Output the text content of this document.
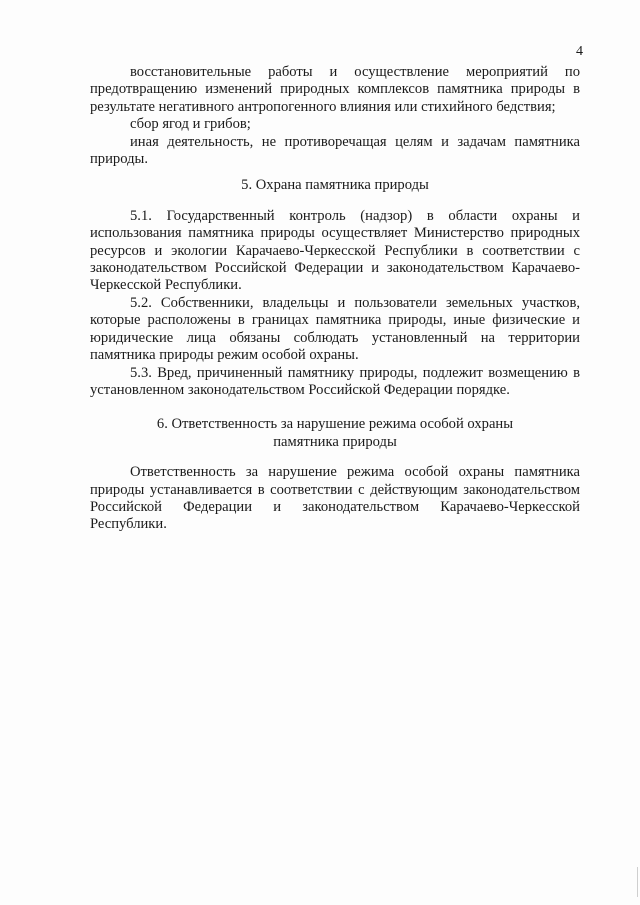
4

восстановительные работы и осуществление мероприятий по предотвращению изменений природных комплексов памятника природы в результате негативного антропогенного влияния или стихийного бедствия;

сбор ягод и грибов;

иная деятельность, не противоречащая целям и задачам памятника природы.

5. Охрана памятника природы

5.1. Государственный контроль (надзор) в области охраны и использования памятника природы осуществляет Министерство природных ресурсов и экологии Карачаево-Черкесской Республики в соответствии с законодательством Российской Федерации и законодательством Карачаево-Черкесской Республики.

5.2. Собственники, владельцы и пользователи земельных участков, которые расположены в границах памятника природы, иные физические и юридические лица обязаны соблюдать установленный на территории памятника природы режим особой охраны.

5.3. Вред, причиненный памятнику природы, подлежит возмещению в установленном законодательством Российской Федерации порядке.

6. Ответственность за нарушение режима особой охраны
памятника природы

Ответственность за нарушение режима особой охраны памятника природы устанавливается в соответствии с действующим законодательством Российской Федерации и законодательством Карачаево-Черкесской Республики.
